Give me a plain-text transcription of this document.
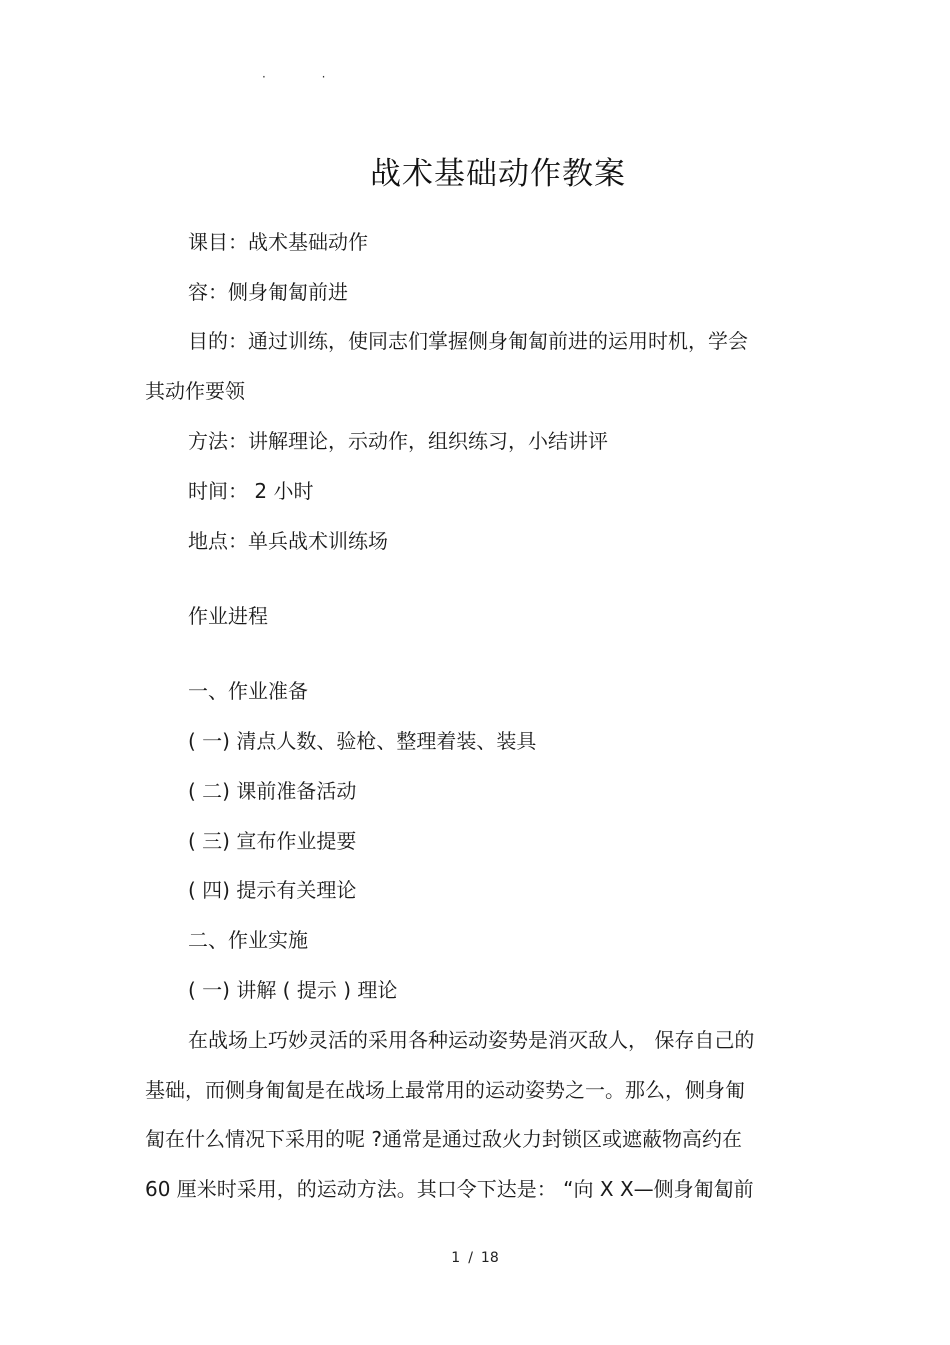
· ·
战术基础动作教案
课目：战术基础动作
容：侧身匍匐前进
目的：通过训练，使同志们掌握侧身匍匐前进的运用时机，学会
其动作要领
方法：讲解理论，示动作，组织练习，小结讲评
时间： 2 小时
地点：单兵战术训练场
作业进程
一、作业准备
( 一) 清点人数、验枪、整理着装、装具
( 二) 课前准备活动
( 三) 宣布作业提要
( 四) 提示有关理论
二、作业实施
( 一) 讲解 ( 提示 ) 理论
在战场上巧妙灵活的采用各种运动姿势是消灭敌人， 保存自己的
基础，而侧身匍匐是在战场上最常用的运动姿势之一。那么，侧身匍
匐在什么情况下采用的呢 ?通常是通过敌火力封锁区或遮蔽物高约在
60 厘米时采用，的运动方法。其口令下达是： “向 X X—侧身匍匐前
1 / 18
